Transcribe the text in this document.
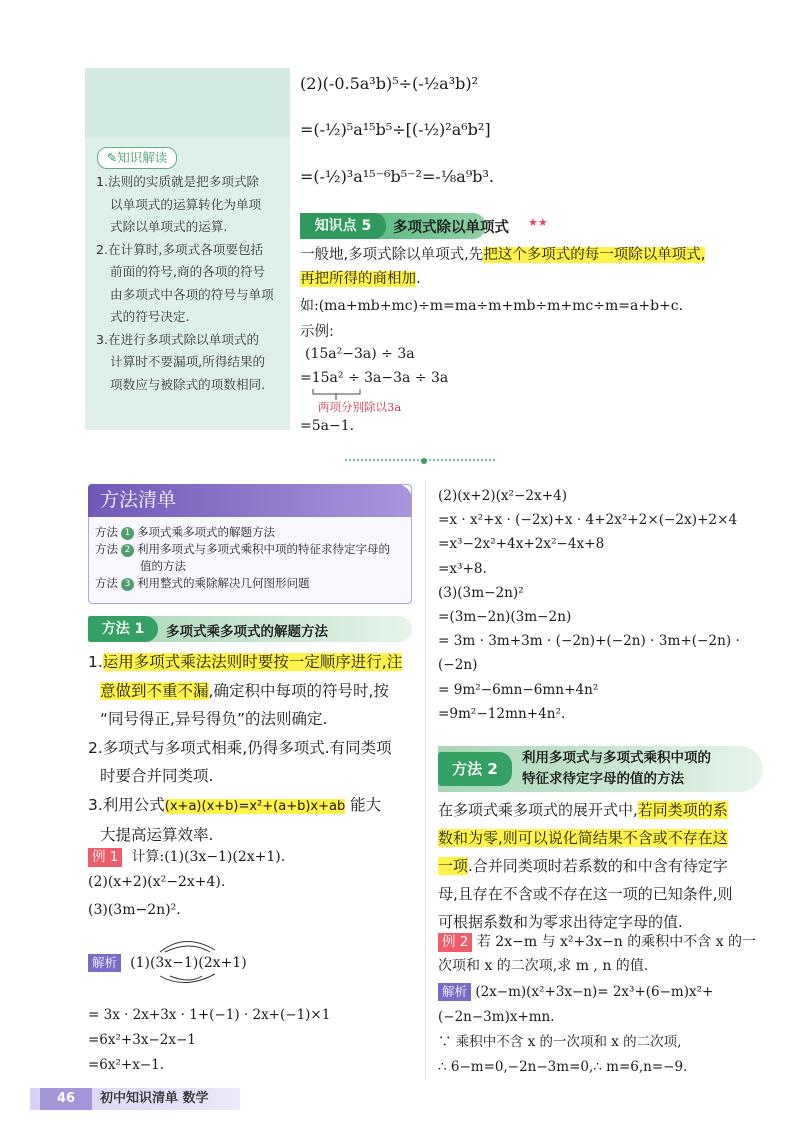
✎知识解读
1.法则的实质就是把多项式除
以单项式的运算转化为单项
式除以单项式的运算.
2.在计算时,多项式各项要包括
前面的符号,商的各项的符号
由多项式中各项的符号与单项
式的符号决定.
3.在进行多项式除以单项式的
计算时不要漏项,所得结果的
项数应与被除式的项数相同.
(2)(-0.5a³b)⁵÷(-½a³b)²
=(-½)⁵a¹⁵b⁵÷[(-½)²a⁶b²]
=(-½)³a¹⁵⁻⁶b⁵⁻²=-⅛a⁹b³.
知识点 5	多项式除以单项式 ★★
一般地,多项式除以单项式,先把这个多项式的每一项除以单项式,
再把所得的商相加.
如:(ma+mb+mc)÷m=ma÷m+mb÷m+mc÷m=a+b+c.
示例:
(15a²−3a) ÷ 3a
=15a² ÷ 3a−3a ÷ 3a
两项分别除以3a
=5a−1.
方法清单
方法 1 多项式乘多项式的解题方法
方法 2 利用多项式与多项式乘积中项的特征求待定字母的
值的方法
方法 3 利用整式的乘除解决几何图形问题
方法 1	多项式乘多项式的解题方法
1.运用多项式乘法法则时要按一定顺序进行,注
意做到不重不漏,确定积中每项的符号时,按
“同号得正,异号得负”的法则确定.
2.多项式与多项式相乘,仍得多项式.有同类项
时要合并同类项.
3.利用公式(x+a)(x+b)=x²+(a+b)x+ab 能大
大提高运算效率.
例 1 计算:(1)(3x−1)(2x+1).
(2)(x+2)(x²−2x+4).
(3)(3m−2n)².
解析 (1)(3x−1)(2x+1)
= 3x · 2x+3x · 1+(−1) · 2x+(−1)×1
=6x²+3x−2x−1
=6x²+x−1.
(2)(x+2)(x²−2x+4)
=x · x²+x · (−2x)+x · 4+2x²+2×(−2x)+2×4
=x³−2x²+4x+2x²−4x+8
=x³+8.
(3)(3m−2n)²
=(3m−2n)(3m−2n)
= 3m · 3m+3m · (−2n)+(−2n) · 3m+(−2n) ·
(−2n)
= 9m²−6mn−6mn+4n²
=9m²−12mn+4n².
方法 2
利用多项式与多项式乘积中项的
特征求待定字母的值的方法
在多项式乘多项式的展开式中,若同类项的系
数和为零,则可以说化简结果不含或不存在这
一项.合并同类项时若系数的和中含有待定字
母,且存在不含或不存在这一项的已知条件,则
可根据系数和为零求出待定字母的值.
例 2 若 2x−m 与 x²+3x−n 的乘积中不含 x 的一
次项和 x 的二次项,求 m , n 的值.
解析 (2x−m)(x²+3x−n)= 2x³+(6−m)x²+
(−2n−3m)x+mn.
∵ 乘积中不含 x 的一次项和 x 的二次项,
∴ 6−m=0,−2n−3m=0,∴ m=6,n=−9.
46	初中知识清单 数学
